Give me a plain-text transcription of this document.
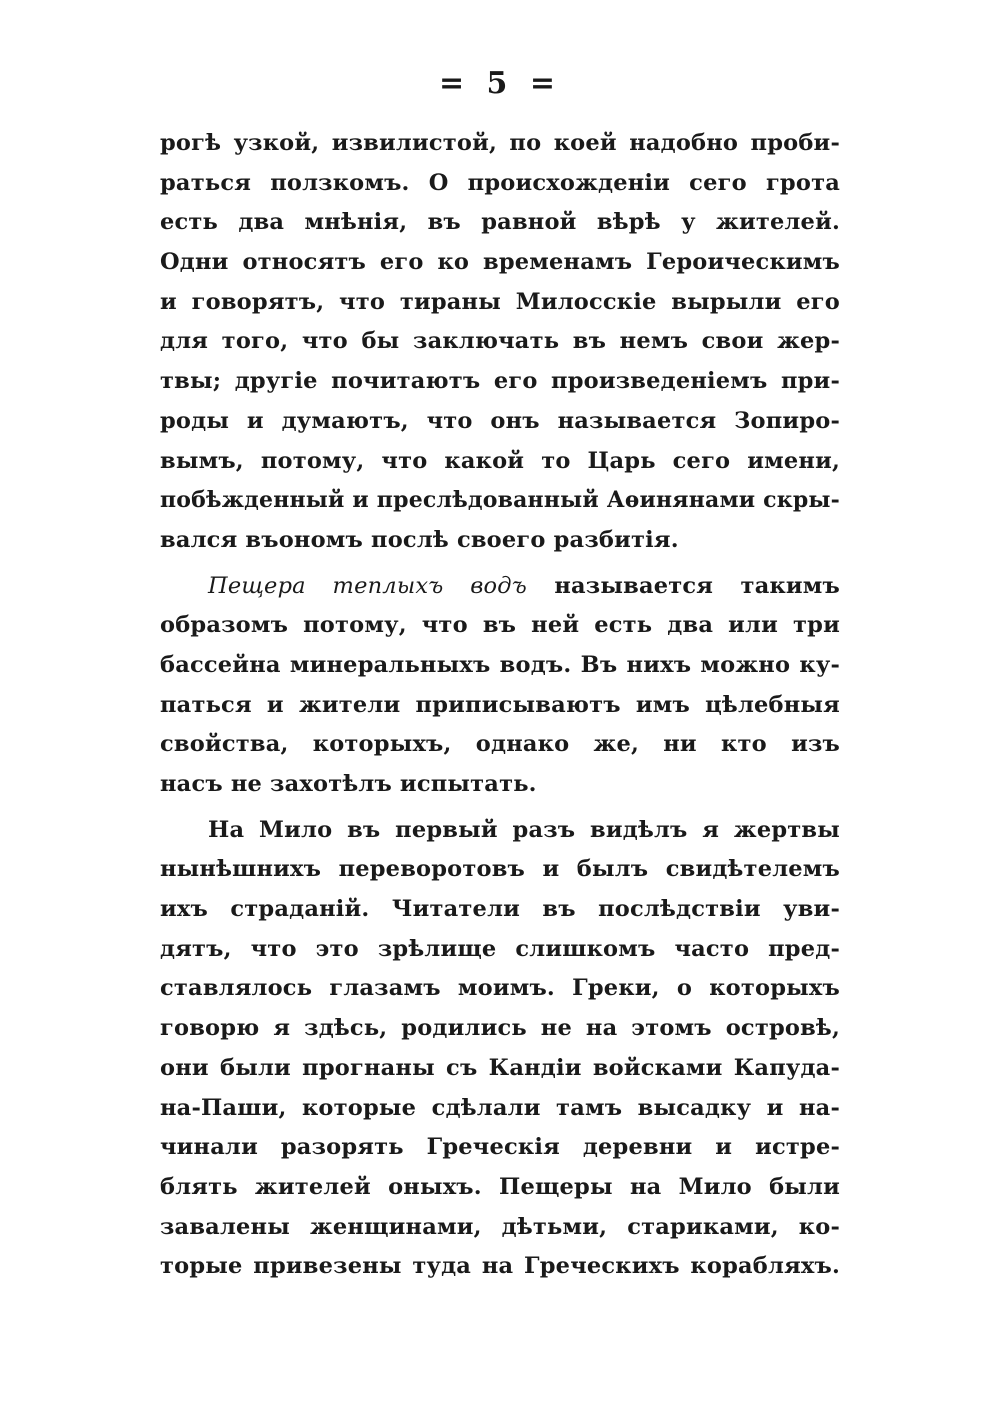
= 5 =
рогѣ узкой, извилистой, по коей надобно проби-
раться ползкомъ. О происхожденіи сего грота
есть два мнѣнія, въ равной вѣрѣ у жителей.
Одни относятъ его ко временамъ Героическимъ
и говорятъ, что тираны Милосскіе вырыли его
для того, что бы заключать въ немъ свои жер-
твы; другіе почитаютъ его произведеніемъ при-
роды и думаютъ, что онъ называется Зопиро-
вымъ, потому, что какой то Царь сего имени,
побѣжденный и преслѣдованный Аѳинянами скры-
вался въономъ послѣ своего разбитія.
Пещера теплыхъ водъ называется такимъ
образомъ потому, что въ ней есть два или три
бассейна минеральныхъ водъ. Въ нихъ можно ку-
паться и жители приписываютъ имъ цѣлебныя
свойства, которыхъ, однако же, ни кто изъ
насъ не захотѣлъ испытать.
На Мило въ первый разъ видѣлъ я жертвы
нынѣшнихъ переворотовъ и былъ свидѣтелемъ
ихъ страданій. Читатели въ послѣдствіи уви-
дятъ, что это зрѣлище слишкомъ часто пред-
ставлялось глазамъ моимъ. Греки, о которыхъ
говорю я здѣсь, родились не на этомъ островѣ,
они были прогнаны съ Кандіи войсками Капуда-
на-Паши, которые сдѣлали тамъ высадку и на-
чинали разорять Греческія деревни и истре-
блять жителей оныхъ. Пещеры на Мило были
завалены женщинами, дѣтьми, стариками, ко-
торые привезены туда на Греческихъ корабляхъ.
